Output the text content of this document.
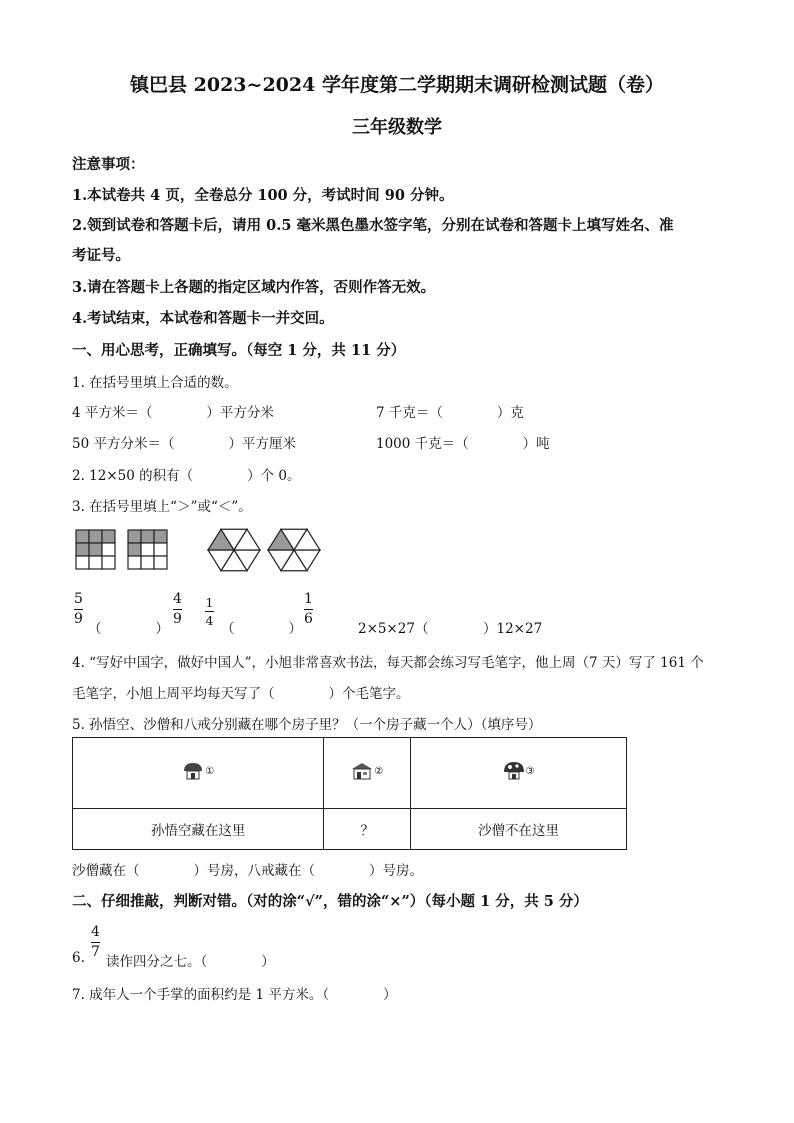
镇巴县 2023~2024 学年度第二学期期末调研检测试题（卷）
三年级数学
注意事项：
1.本试卷共 4 页，全卷总分 100 分，考试时间 90 分钟。
2.领到试卷和答题卡后，请用 0.5 毫米黑色墨水签字笔，分别在试卷和答题卡上填写姓名、准
考证号。
3.请在答题卡上各题的指定区域内作答，否则作答无效。
4.考试结束，本试卷和答题卡一并交回。
一、用心思考，正确填写。（每空 1 分，共 11 分）
1. 在括号里填上合适的数。
4 平方米＝（　　　　）平方分米	7 千克＝（　　　　）克
50 平方分米＝（　　　　）平方厘米	1000 千克＝（　　　　）吨
2. 12×50 的积有（　　　　）个 0。
3. 在括号里填上“＞”或“＜”。
5
9
（　　　　）
4
9
1
4
（　　　　）
1
6
2×5×27（	）12×27
4. “写好中国字，做好中国人”，小旭非常喜欢书法，每天都会练习写毛笔字，他上周（7 天）写了 161 个
毛笔字，小旭上周平均每天写了（　　　　）个毛笔字。
5. 孙悟空、沙僧和八戒分别藏在哪个房子里？（一个房子藏一个人）（填序号）
①	②	③

孙悟空藏在这里	？	沙僧不在这里
沙僧藏在（　　　　）号房，八戒藏在（　　　　）号房。
二、仔细推敲，判断对错。（对的涂“√”，错的涂“×”）（每小题 1 分，共 5 分）
6.
4
7
读作四分之七。（　　　　）
7. 成年人一个手掌的面积约是 1 平方米。（　　　　）
